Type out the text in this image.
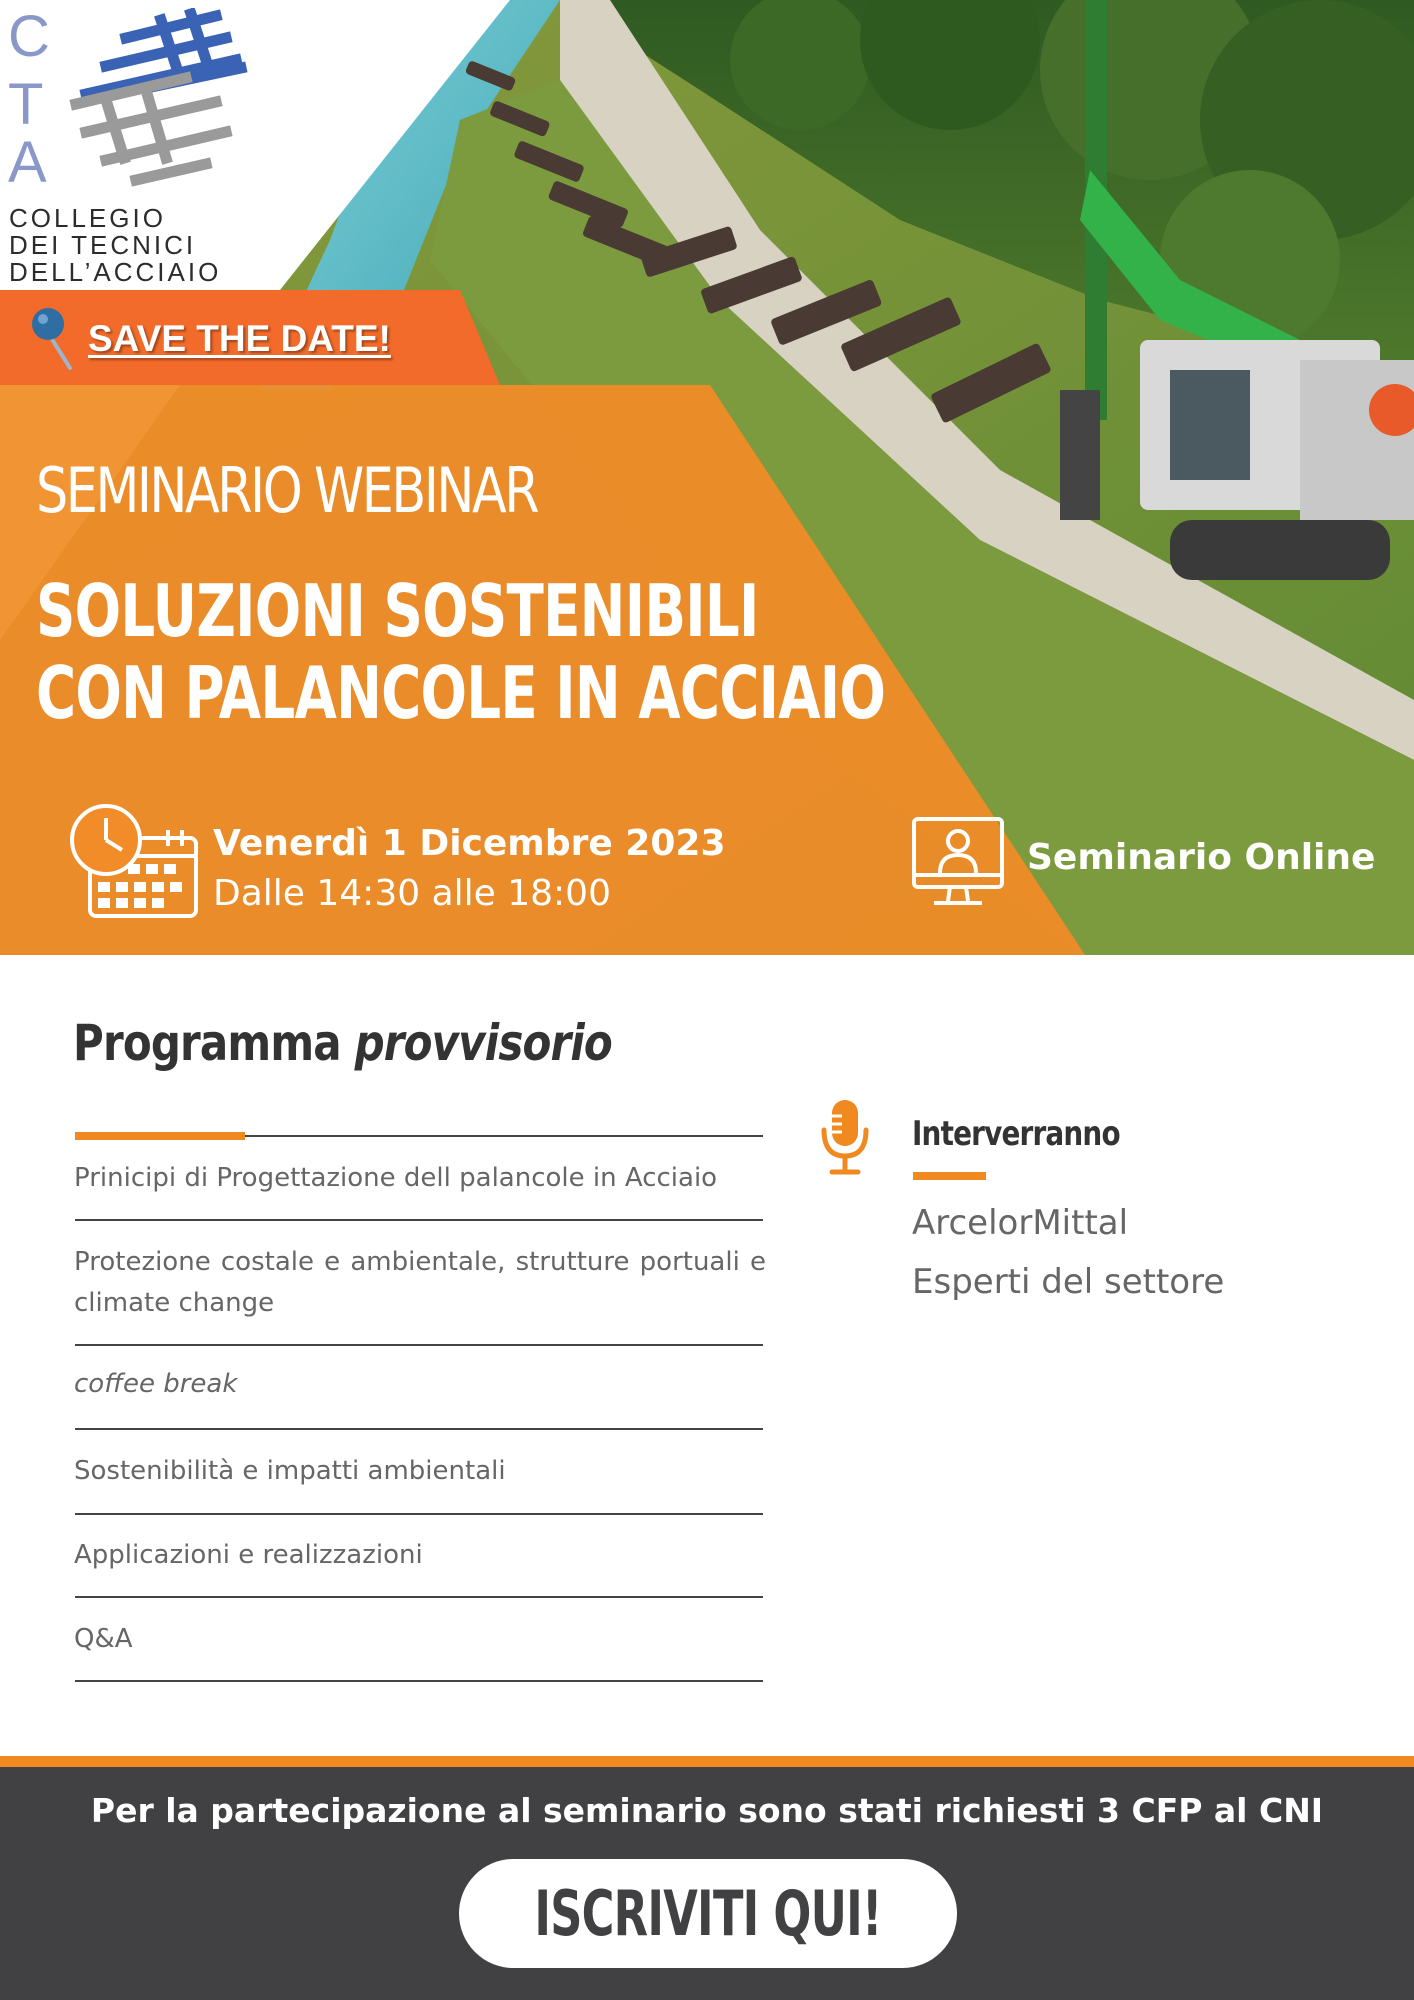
C
T
A
COLLEGIO
DEI TECNICI
DELL’ACCIAIO
SAVE THE DATE!
SEMINARIO WEBINAR
SOLUZIONI SOSTENIBILI
CON PALANCOLE IN ACCIAIO
Venerdì 1 Dicembre 2023
Dalle 14:30 alle 18:00
Seminario Online
Programma provvisorio
Prinicipi di Progettazione dell palancole in Acciaio
Protezione costale e ambientale, strutture portuali e climate change
coffee break
Sostenibilità e impatti ambientali
Applicazioni e realizzazioni
Q&A
Interverranno
ArcelorMittal
Esperti del settore
Per la partecipazione al seminario sono stati richiesti 3 CFP al CNI
ISCRIVITI QUI!
